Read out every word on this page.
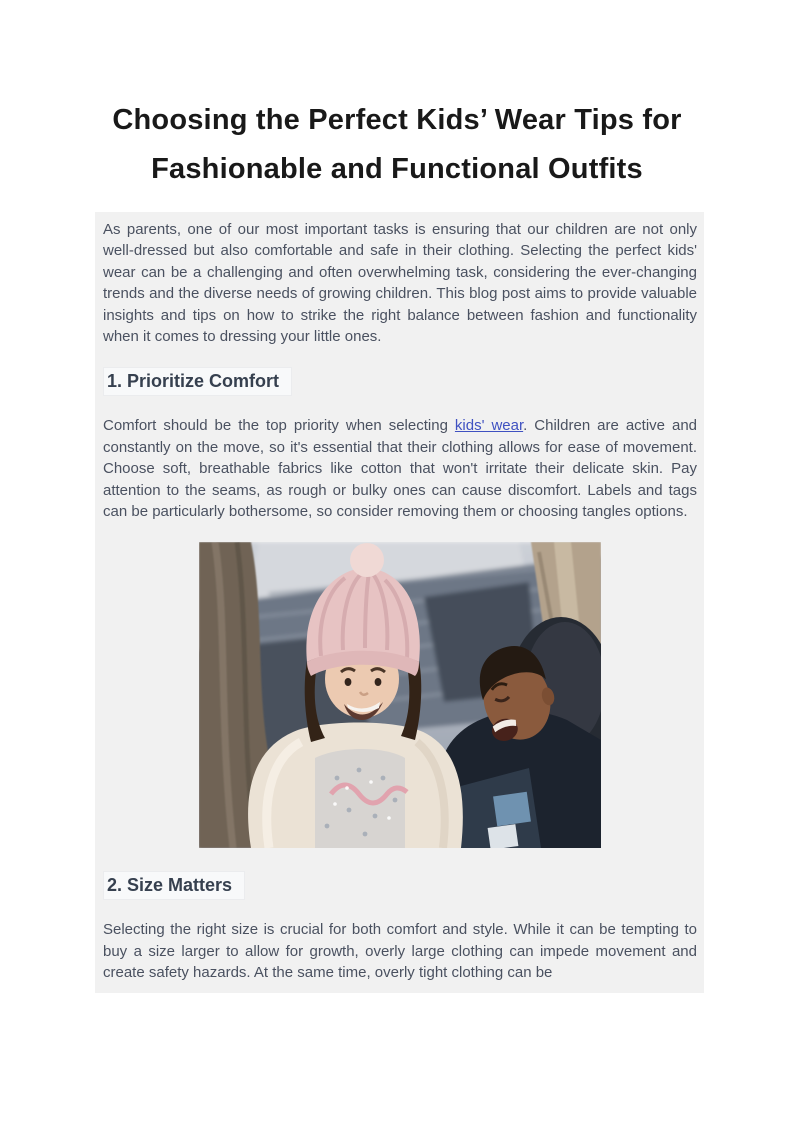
Choosing the Perfect Kids’ Wear Tips for
Fashionable and Functional Outfits

As parents, one of our most important tasks is ensuring that our children are not only well-dressed but also comfortable and safe in their clothing. Selecting the perfect kids' wear can be a challenging and often overwhelming task, considering the ever-changing trends and the diverse needs of growing children. This blog post aims to provide valuable insights and tips on how to strike the right balance between fashion and functionality when it comes to dressing your little ones.

1. Prioritize Comfort

Comfort should be the top priority when selecting kids' wear. Children are active and constantly on the move, so it's essential that their clothing allows for ease of movement. Choose soft, breathable fabrics like cotton that won't irritate their delicate skin. Pay attention to the seams, as rough or bulky ones can cause discomfort. Labels and tags can be particularly bothersome, so consider removing them or choosing tangles options.

2. Size Matters

Selecting the right size is crucial for both comfort and style. While it can be tempting to buy a size larger to allow for growth, overly large clothing can impede movement and create safety hazards. At the same time, overly tight clothing can be
